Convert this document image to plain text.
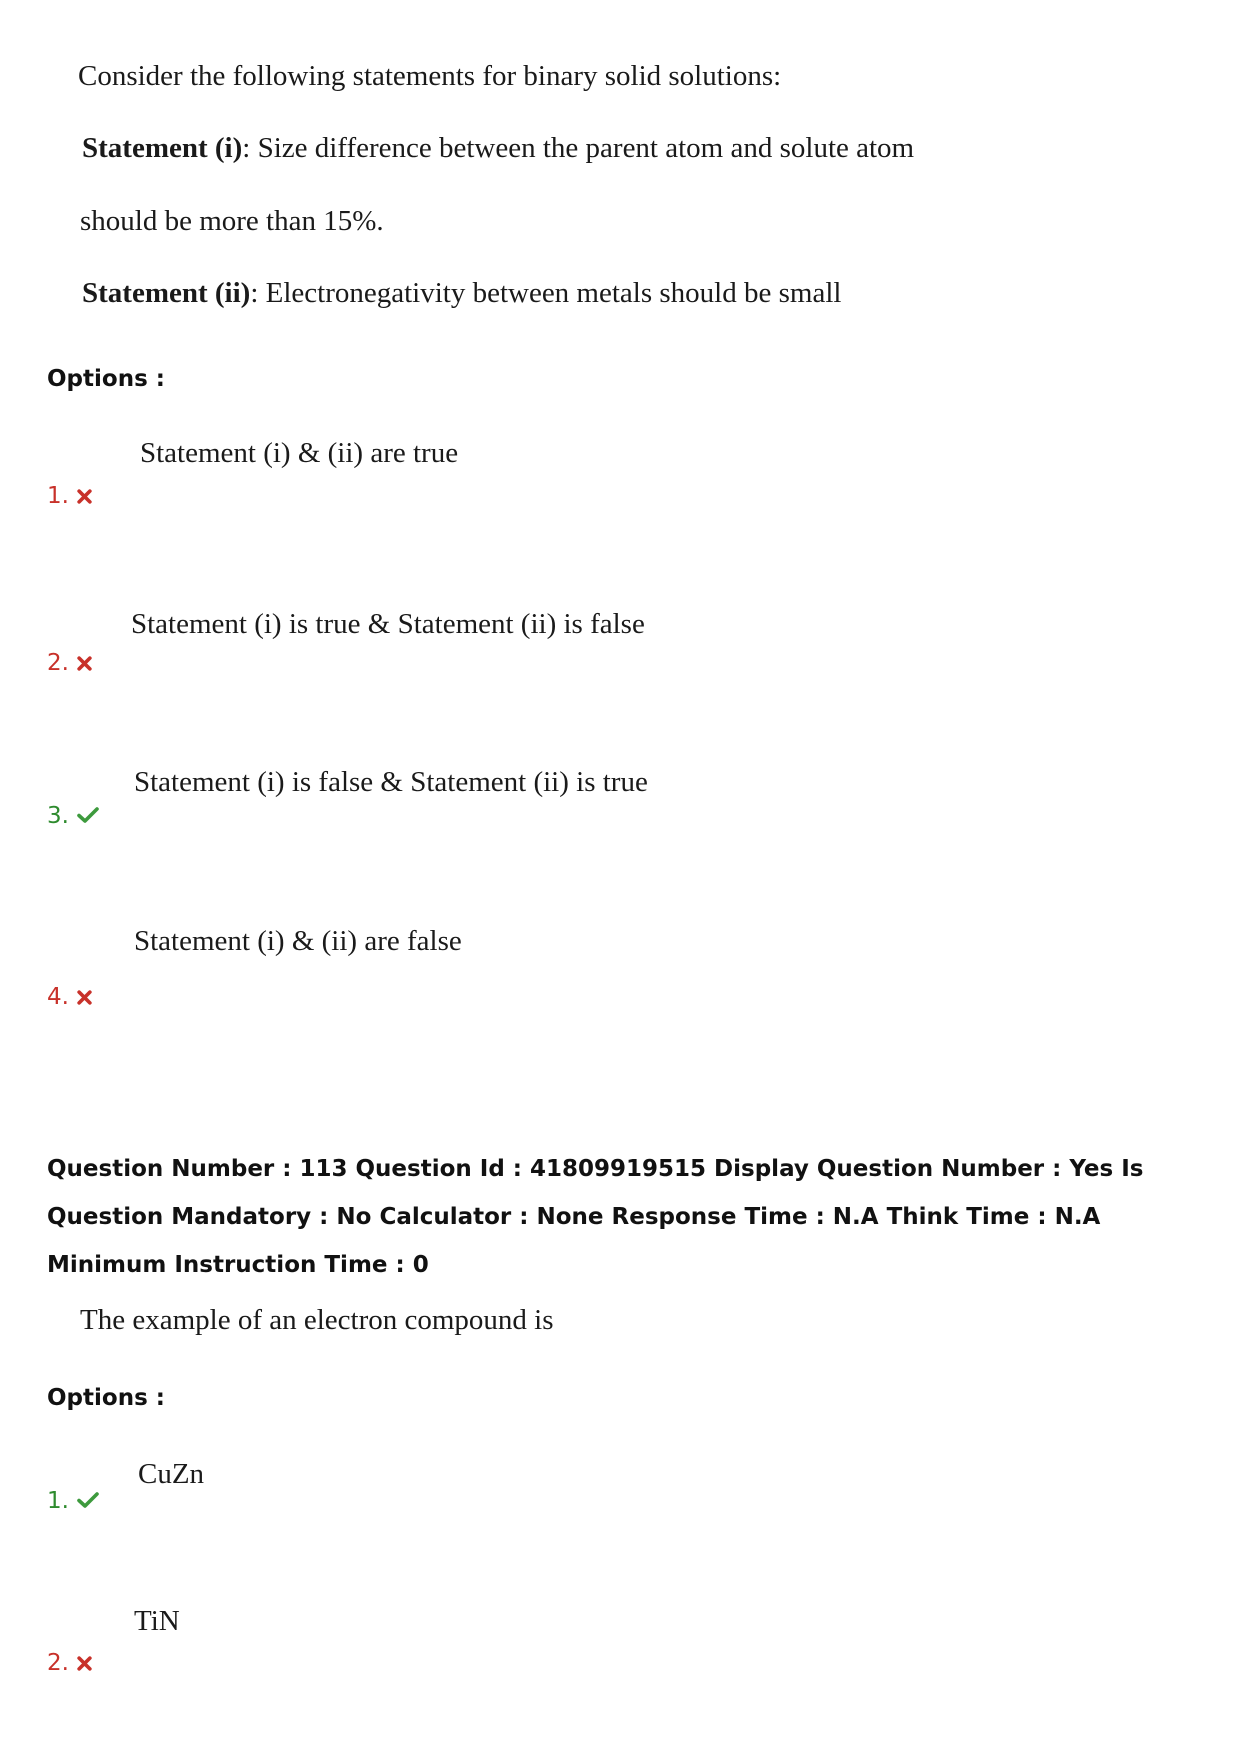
Consider the following statements for binary solid solutions:
Statement (i): Size difference between the parent atom and solute atom
should be more than 15%.
Statement (ii): Electronegativity between metals should be small
Options :
Statement (i) & (ii) are true
1.
Statement (i) is true & Statement (ii) is false
2.
Statement (i) is false & Statement (ii) is true
3.
Statement (i) & (ii) are false
4.
Question Number : 113 Question Id : 41809919515 Display Question Number : Yes Is Question Mandatory : No Calculator : None Response Time : N.A Think Time : N.A Minimum Instruction Time : 0
The example of an electron compound is
Options :
CuZn
1.
TiN
2.
